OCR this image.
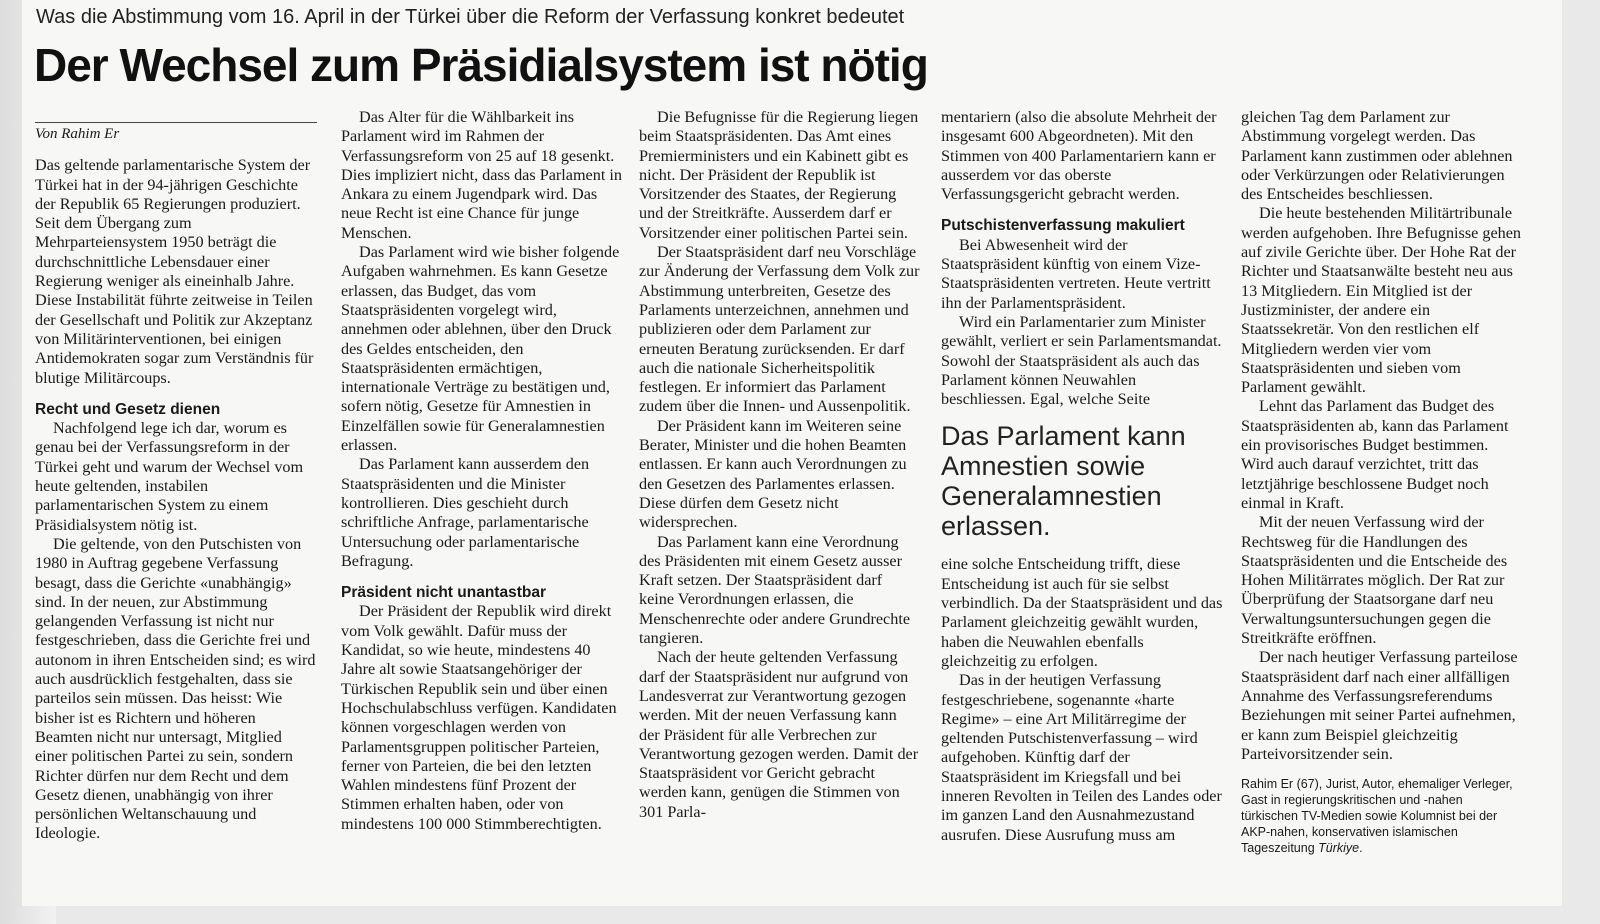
Was die Abstimmung vom 16. April in der Türkei über die Reform der Verfassung konkret bedeutet
Der Wechsel zum Präsidialsystem ist nötig
Von Rahim Er

Das geltende parlamentarische System der Türkei hat in der 94-jährigen Geschichte der Republik 65 Regierungen produziert. Seit dem Übergang zum Mehrparteiensystem 1950 beträgt die durchschnittliche Lebensdauer einer Regierung weniger als eineinhalb Jahre. Diese Instabilität führte zeitweise in Teilen der Gesellschaft und Politik zur Akzeptanz von Militärinterventionen, bei einigen Antidemokraten sogar zum Verständnis für blutige Militärcoups.

Recht und Gesetz dienen

Nachfolgend lege ich dar, worum es genau bei der Verfassungsreform in der Türkei geht und warum der Wechsel vom heute geltenden, instabilen parlamentarischen System zu einem Präsidialsystem nötig ist.

Die geltende, von den Putschisten von 1980 in Auftrag gegebene Verfassung besagt, dass die Gerichte «unabhängig» sind. In der neuen, zur Abstimmung gelangenden Verfassung ist nicht nur festgeschrieben, dass die Gerichte frei und autonom in ihren Entscheiden sind; es wird auch ausdrücklich festgehalten, dass sie parteilos sein müssen. Das heisst: Wie bisher ist es Richtern und höheren Beamten nicht nur untersagt, Mitglied einer politischen Partei zu sein, sondern Richter dürfen nur dem Recht und dem Gesetz dienen, unabhängig von ihrer persönlichen Weltanschauung und Ideologie.

Das Alter für die Wählbarkeit ins Parlament wird im Rahmen der Verfassungsreform von 25 auf 18 gesenkt. Dies impliziert nicht, dass das Parlament in Ankara zu einem Jugendpark wird. Das neue Recht ist eine Chance für junge Menschen.

Das Parlament wird wie bisher folgende Aufgaben wahrnehmen. Es kann Gesetze erlassen, das Budget, das vom Staatspräsidenten vorgelegt wird, annehmen oder ablehnen, über den Druck des Geldes entscheiden, den Staatspräsidenten ermächtigen, internationale Verträge zu bestätigen und, sofern nötig, Gesetze für Amnestien in Einzelfällen sowie für Generalamnestien erlassen.

Das Parlament kann ausserdem den Staatspräsidenten und die Minister kontrollieren. Dies geschieht durch schriftliche Anfrage, parlamentarische Untersuchung oder parlamentarische Befragung.

Präsident nicht unantastbar

Der Präsident der Republik wird direkt vom Volk gewählt. Dafür muss der Kandidat, so wie heute, mindestens 40 Jahre alt sowie Staatsangehöriger der Türkischen Republik sein und über einen Hochschulabschluss verfügen. Kandidaten können vorgeschlagen werden von Parlamentsgruppen politischer Parteien, ferner von Parteien, die bei den letzten Wahlen mindestens fünf Prozent der Stimmen erhalten haben, oder von mindestens 100 000 Stimmberechtigten.

Die Befugnisse für die Regierung liegen beim Staatspräsidenten. Das Amt eines Premierministers und ein Kabinett gibt es nicht. Der Präsident der Republik ist Vorsitzender des Staates, der Regierung und der Streitkräfte. Ausserdem darf er Vorsitzender einer politischen Partei sein.

Der Staatspräsident darf neu Vorschläge zur Änderung der Verfassung dem Volk zur Abstimmung unterbreiten, Gesetze des Parlaments unterzeichnen, annehmen und publizieren oder dem Parlament zur erneuten Beratung zurücksenden. Er darf auch die nationale Sicherheitspolitik festlegen. Er informiert das Parlament zudem über die Innen- und Aussenpolitik.

Der Präsident kann im Weiteren seine Berater, Minister und die hohen Beamten entlassen. Er kann auch Verordnungen zu den Gesetzen des Parlamentes erlassen. Diese dürfen dem Gesetz nicht widersprechen.

Das Parlament kann eine Verordnung des Präsidenten mit einem Gesetz ausser Kraft setzen. Der Staatspräsident darf keine Verordnungen erlassen, die Menschenrechte oder andere Grundrechte tangieren.

Nach der heute geltenden Verfassung darf der Staatspräsident nur aufgrund von Landesverrat zur Verantwortung gezogen werden. Mit der neuen Verfassung kann der Präsident für alle Verbrechen zur Verantwortung gezogen werden. Damit der Staatspräsident vor Gericht gebracht werden kann, genügen die Stimmen von 301 Parla-

mentariern (also die absolute Mehrheit der insgesamt 600 Abgeordneten). Mit den Stimmen von 400 Parlamentariern kann er ausserdem vor das oberste Verfassungsgericht gebracht werden.

Putschistenverfassung makuliert

Bei Abwesenheit wird der Staatspräsident künftig von einem Vize-Staatspräsidenten vertreten. Heute vertritt ihn der Parlamentspräsident.

Wird ein Parlamentarier zum Minister gewählt, verliert er sein Parlamentsmandat. Sowohl der Staatspräsident als auch das Parlament können Neuwahlen beschliessen. Egal, welche Seite

Das Parlament kann Amnestien sowie Generalamnestien erlassen.

eine solche Entscheidung trifft, diese Entscheidung ist auch für sie selbst verbindlich. Da der Staatspräsident und das Parlament gleichzeitig gewählt wurden, haben die Neuwahlen ebenfalls gleichzeitig zu erfolgen.

Das in der heutigen Verfassung festgeschriebene, sogenannte «harte Regime» – eine Art Militärregime der geltenden Putschistenverfassung – wird aufgehoben. Künftig darf der Staatspräsident im Kriegsfall und bei inneren Revolten in Teilen des Landes oder im ganzen Land den Ausnahmezustand ausrufen. Diese Ausrufung muss am

gleichen Tag dem Parlament zur Abstimmung vorgelegt werden. Das Parlament kann zustimmen oder ablehnen oder Verkürzungen oder Relativierungen des Entscheides beschliessen.

Die heute bestehenden Militärtribunale werden aufgehoben. Ihre Befugnisse gehen auf zivile Gerichte über. Der Hohe Rat der Richter und Staatsanwälte besteht neu aus 13 Mitgliedern. Ein Mitglied ist der Justizminister, der andere ein Staatssekretär. Von den restlichen elf Mitgliedern werden vier vom Staatspräsidenten und sieben vom Parlament gewählt.

Lehnt das Parlament das Budget des Staatspräsidenten ab, kann das Parlament ein provisorisches Budget bestimmen. Wird auch darauf verzichtet, tritt das letztjährige beschlossene Budget noch einmal in Kraft.

Mit der neuen Verfassung wird der Rechtsweg für die Handlungen des Staatspräsidenten und die Entscheide des Hohen Militärrates möglich. Der Rat zur Überprüfung der Staatsorgane darf neu Verwaltungsuntersuchungen gegen die Streitkräfte eröffnen.

Der nach heutiger Verfassung parteilose Staatspräsident darf nach einer allfälligen Annahme des Verfassungsreferendums Beziehungen mit seiner Partei aufnehmen, er kann zum Beispiel gleichzeitig Parteivorsitzender sein.

Rahim Er (67), Jurist, Autor, ehemaliger Verleger, Gast in regierungskritischen und -nahen türkischen TV-Medien sowie Kolumnist bei der AKP-nahen, konservativen islamischen Tageszeitung Türkiye.
